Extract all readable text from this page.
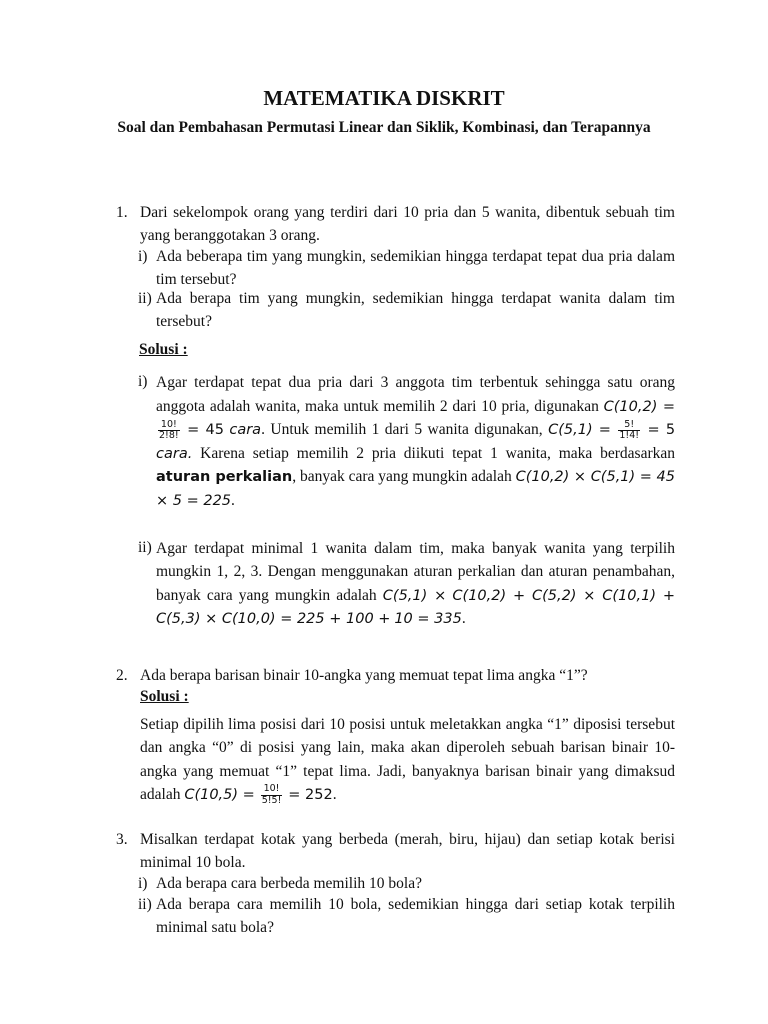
MATEMATIKA DISKRIT
Soal dan Pembahasan Permutasi Linear dan Siklik, Kombinasi, dan Terapannya
1. Dari sekelompok orang yang terdiri dari 10 pria dan 5 wanita, dibentuk sebuah tim yang beranggotakan 3 orang.
i) Ada beberapa tim yang mungkin, sedemikian hingga terdapat tepat dua pria dalam tim tersebut?
ii) Ada berapa tim yang mungkin, sedemikian hingga terdapat wanita dalam tim tersebut?
Solusi :
i) Agar terdapat tepat dua pria dari 3 anggota tim terbentuk sehingga satu orang anggota adalah wanita, maka untuk memilih 2 dari 10 pria, digunakan C(10,2) =
$\frac{10!}{2!8!} = 45$ cara. Untuk memilih 1 dari 5 wanita digunakan, $C(5,1) = \frac{5!}{1!4!} = 5$ cara. Karena setiap memilih 2 pria diikuti tepat 1 wanita, maka berdasarkan aturan perkalian, banyak cara yang mungkin adalah C(10,2) × C(5,1) = 45 × 5 = 225.
ii) Agar terdapat minimal 1 wanita dalam tim, maka banyak wanita yang terpilih mungkin 1, 2, 3. Dengan menggunakan aturan perkalian dan aturan penambahan, banyak cara yang mungkin adalah C(5,1) × C(10,2) + C(5,2) × C(10,1) + C(5,3) × C(10,0) = 225 + 100 + 10 = 335.
2. Ada berapa barisan binair 10-angka yang memuat tepat lima angka “1”?
Solusi :
Setiap dipilih lima posisi dari 10 posisi untuk meletakkan angka “1” diposisi tersebut dan angka “0” di posisi yang lain, maka akan diperoleh sebuah barisan binair 10-angka yang memuat “1” tepat lima. Jadi, banyaknya barisan binair yang dimaksud adalah $C(10,5) = \frac{10!}{5!5!} = 252$.
3. Misalkan terdapat kotak yang berbeda (merah, biru, hijau) dan setiap kotak berisi minimal 10 bola.
i) Ada berapa cara berbeda memilih 10 bola?
ii) Ada berapa cara memilih 10 bola, sedemikian hingga dari setiap kotak terpilih minimal satu bola?
